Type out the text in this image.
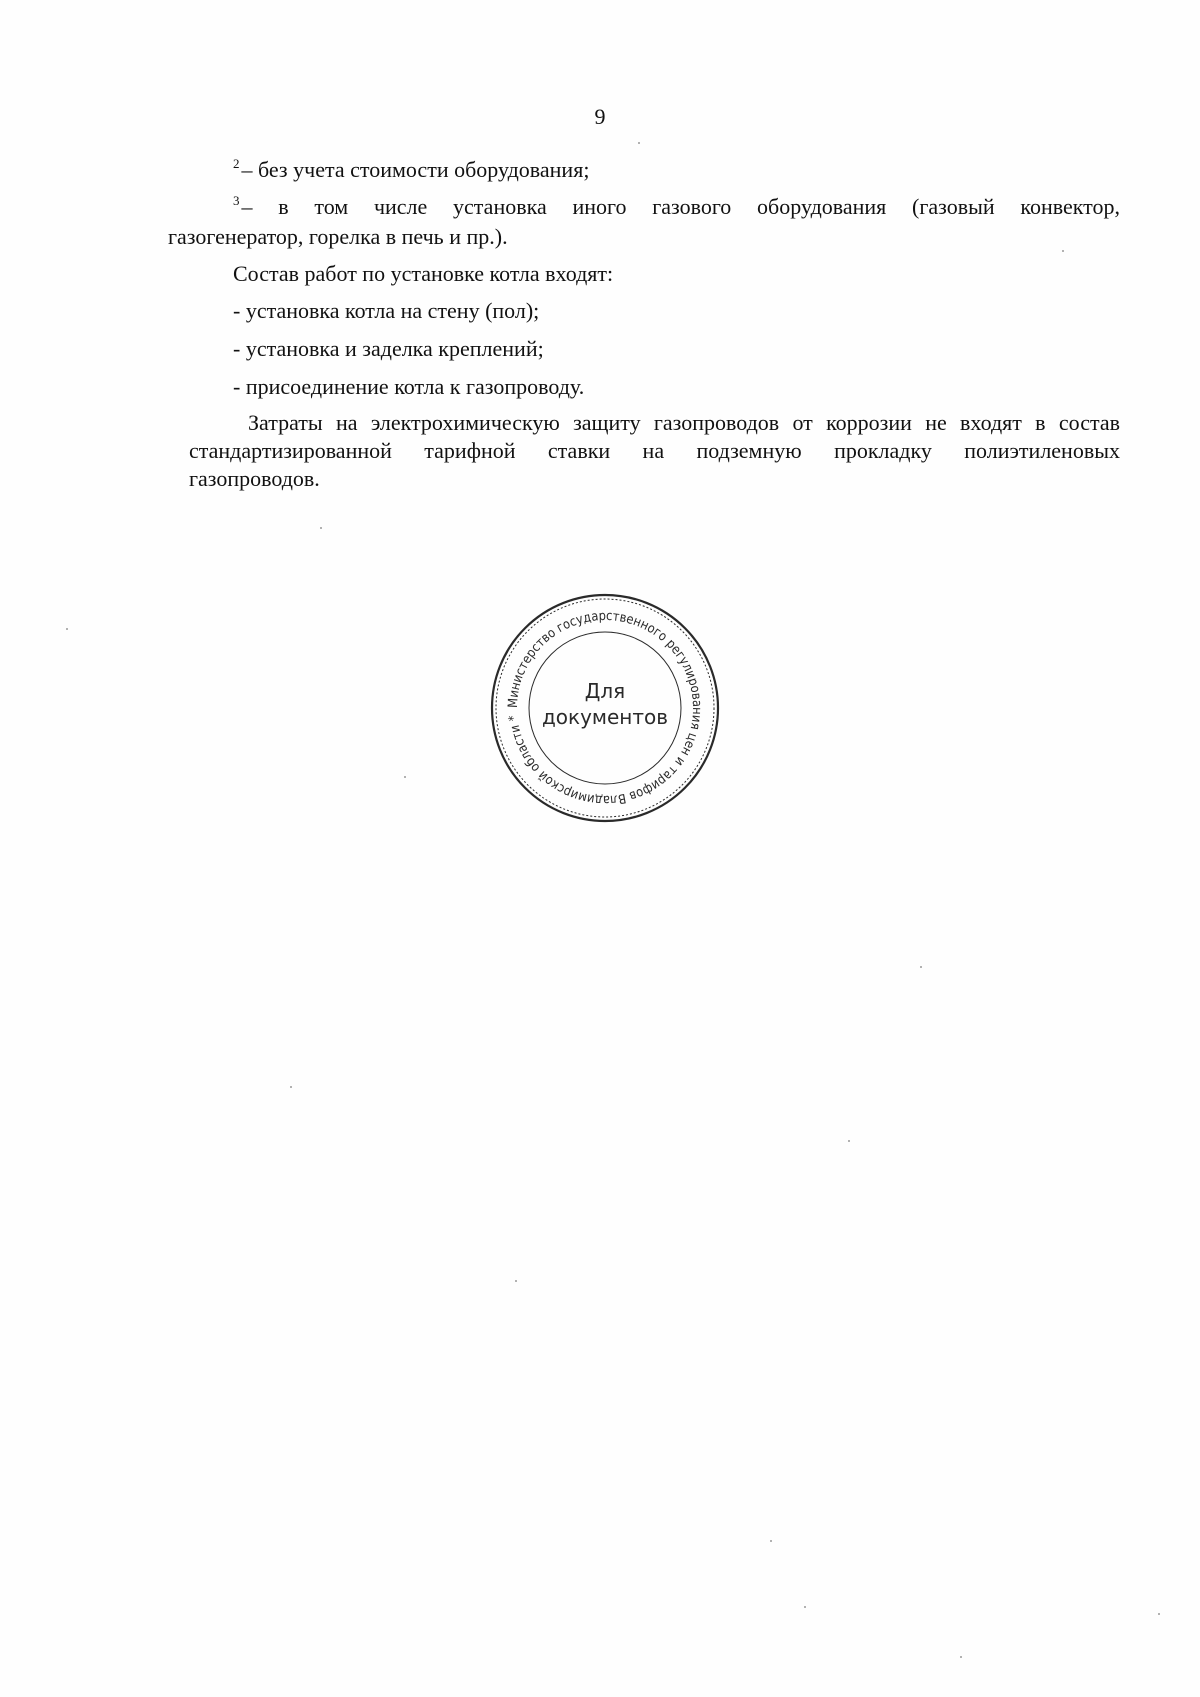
9
$^2$– без учета стоимости оборудования;
$^3$– в том числе установка иного газового оборудования (газовый конвектор,
газогенератор, горелка в печь и пр.).
Состав работ по установке котла входят:
- установка котла на стену (пол);
- установка и заделка креплений;
- присоединение котла к газопроводу.
Затраты на электрохимическую защиту газопроводов от коррозии не входят в состав
стандартизированной тарифной ставки на подземную прокладку полиэтиленовых
газопроводов.
Министерство государственного регулирования цен и тарифов Владимирской области *
Для
документов
